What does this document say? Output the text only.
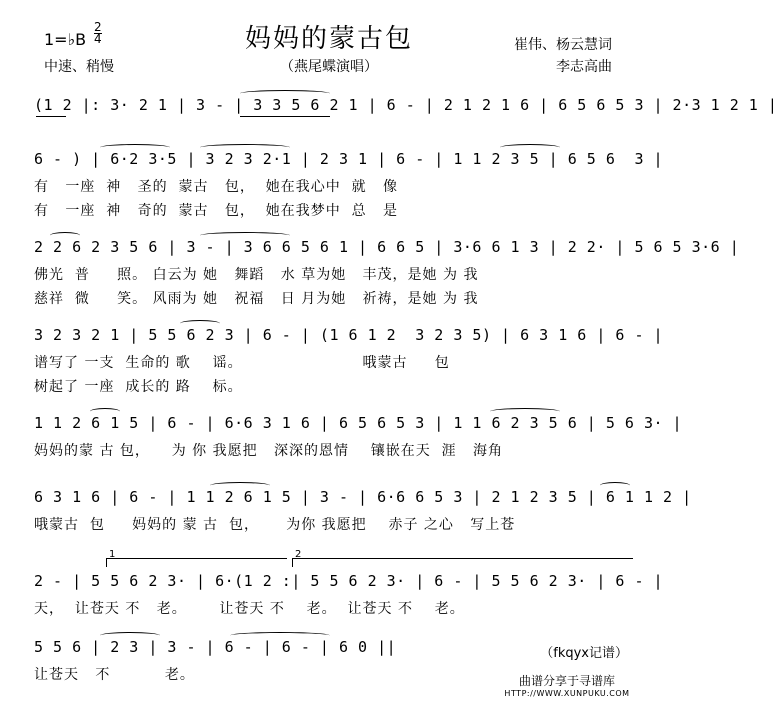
妈妈的蒙古包
1=♭B
2
4
中速、稍慢	（燕尾蝶演唱）
崔伟、杨云慧词
李志高曲
(1 2 |: 3· 2 1 | 3 - | 3 3 5 6 2 1 | 6 - | 2 1 2 1 6 | 6 5 6 5 3 | 2·3 1 2 1 |
6 - ) | 6·2 3·5 | 3 2 3 2·1 | 2 3 1 | 6 - | 1 1 2 3 5 | 6 5 6  3 |
有   一座  神   圣的  蒙古   包，  她在我心中  就   像
有   一座  神   奇的  蒙古   包，  她在我梦中  总   是
2 2 6 2 3 5 6 | 3 - | 3 6 6 5 6 1 | 6 6 5 | 3·6 6 1 3 | 2 2· | 5 6 5 3·6 |
佛光  普     照。 白云为 她   舞蹈   水 草为她   丰茂，是她 为 我
慈祥  微     笑。 风雨为 她   祝福   日 月为她   祈祷，是她 为 我
3 2 3 2 1 | 5 5 6 2 3 | 6 - | (1 6 1 2  3 2 3 5) | 6 3 1 6 | 6 - |
谱写了 一支  生命的 歌    谣。                      哦蒙古     包
树起了 一座  成长的 路    标。
1 1 2 6 1 5 | 6 - | 6·6 3 1 6 | 6 5 6 5 3 | 1 1 6 2 3 5 6 | 5 6 3· |
妈妈的蒙 古 包，    为 你 我愿把   深深的恩情    镶嵌在天  涯   海角
6 3 1 6 | 6 - | 1 1 2 6 1 5 | 3 - | 6·6 6 5 3 | 2 1 2 3 5 | 6 1 1 2 |
哦蒙古  包     妈妈的 蒙 古  包，     为你 我愿把    赤子 之心   写上苍
1	2
2 - | 5 5 6 2 3· | 6·(1 2 :| 5 5 6 2 3· | 6 - | 5 5 6 2 3· | 6 - |
天，  让苍天 不   老。      让苍天 不    老。  让苍天 不    老。
5 5 6 | 2 3 | 3 - | 6 - | 6 - | 6 0 ||
让苍天   不          老。
（fkqyx记谱）
曲谱分享于寻谱库
HTTP://WWW.XUNPUKU.COM
